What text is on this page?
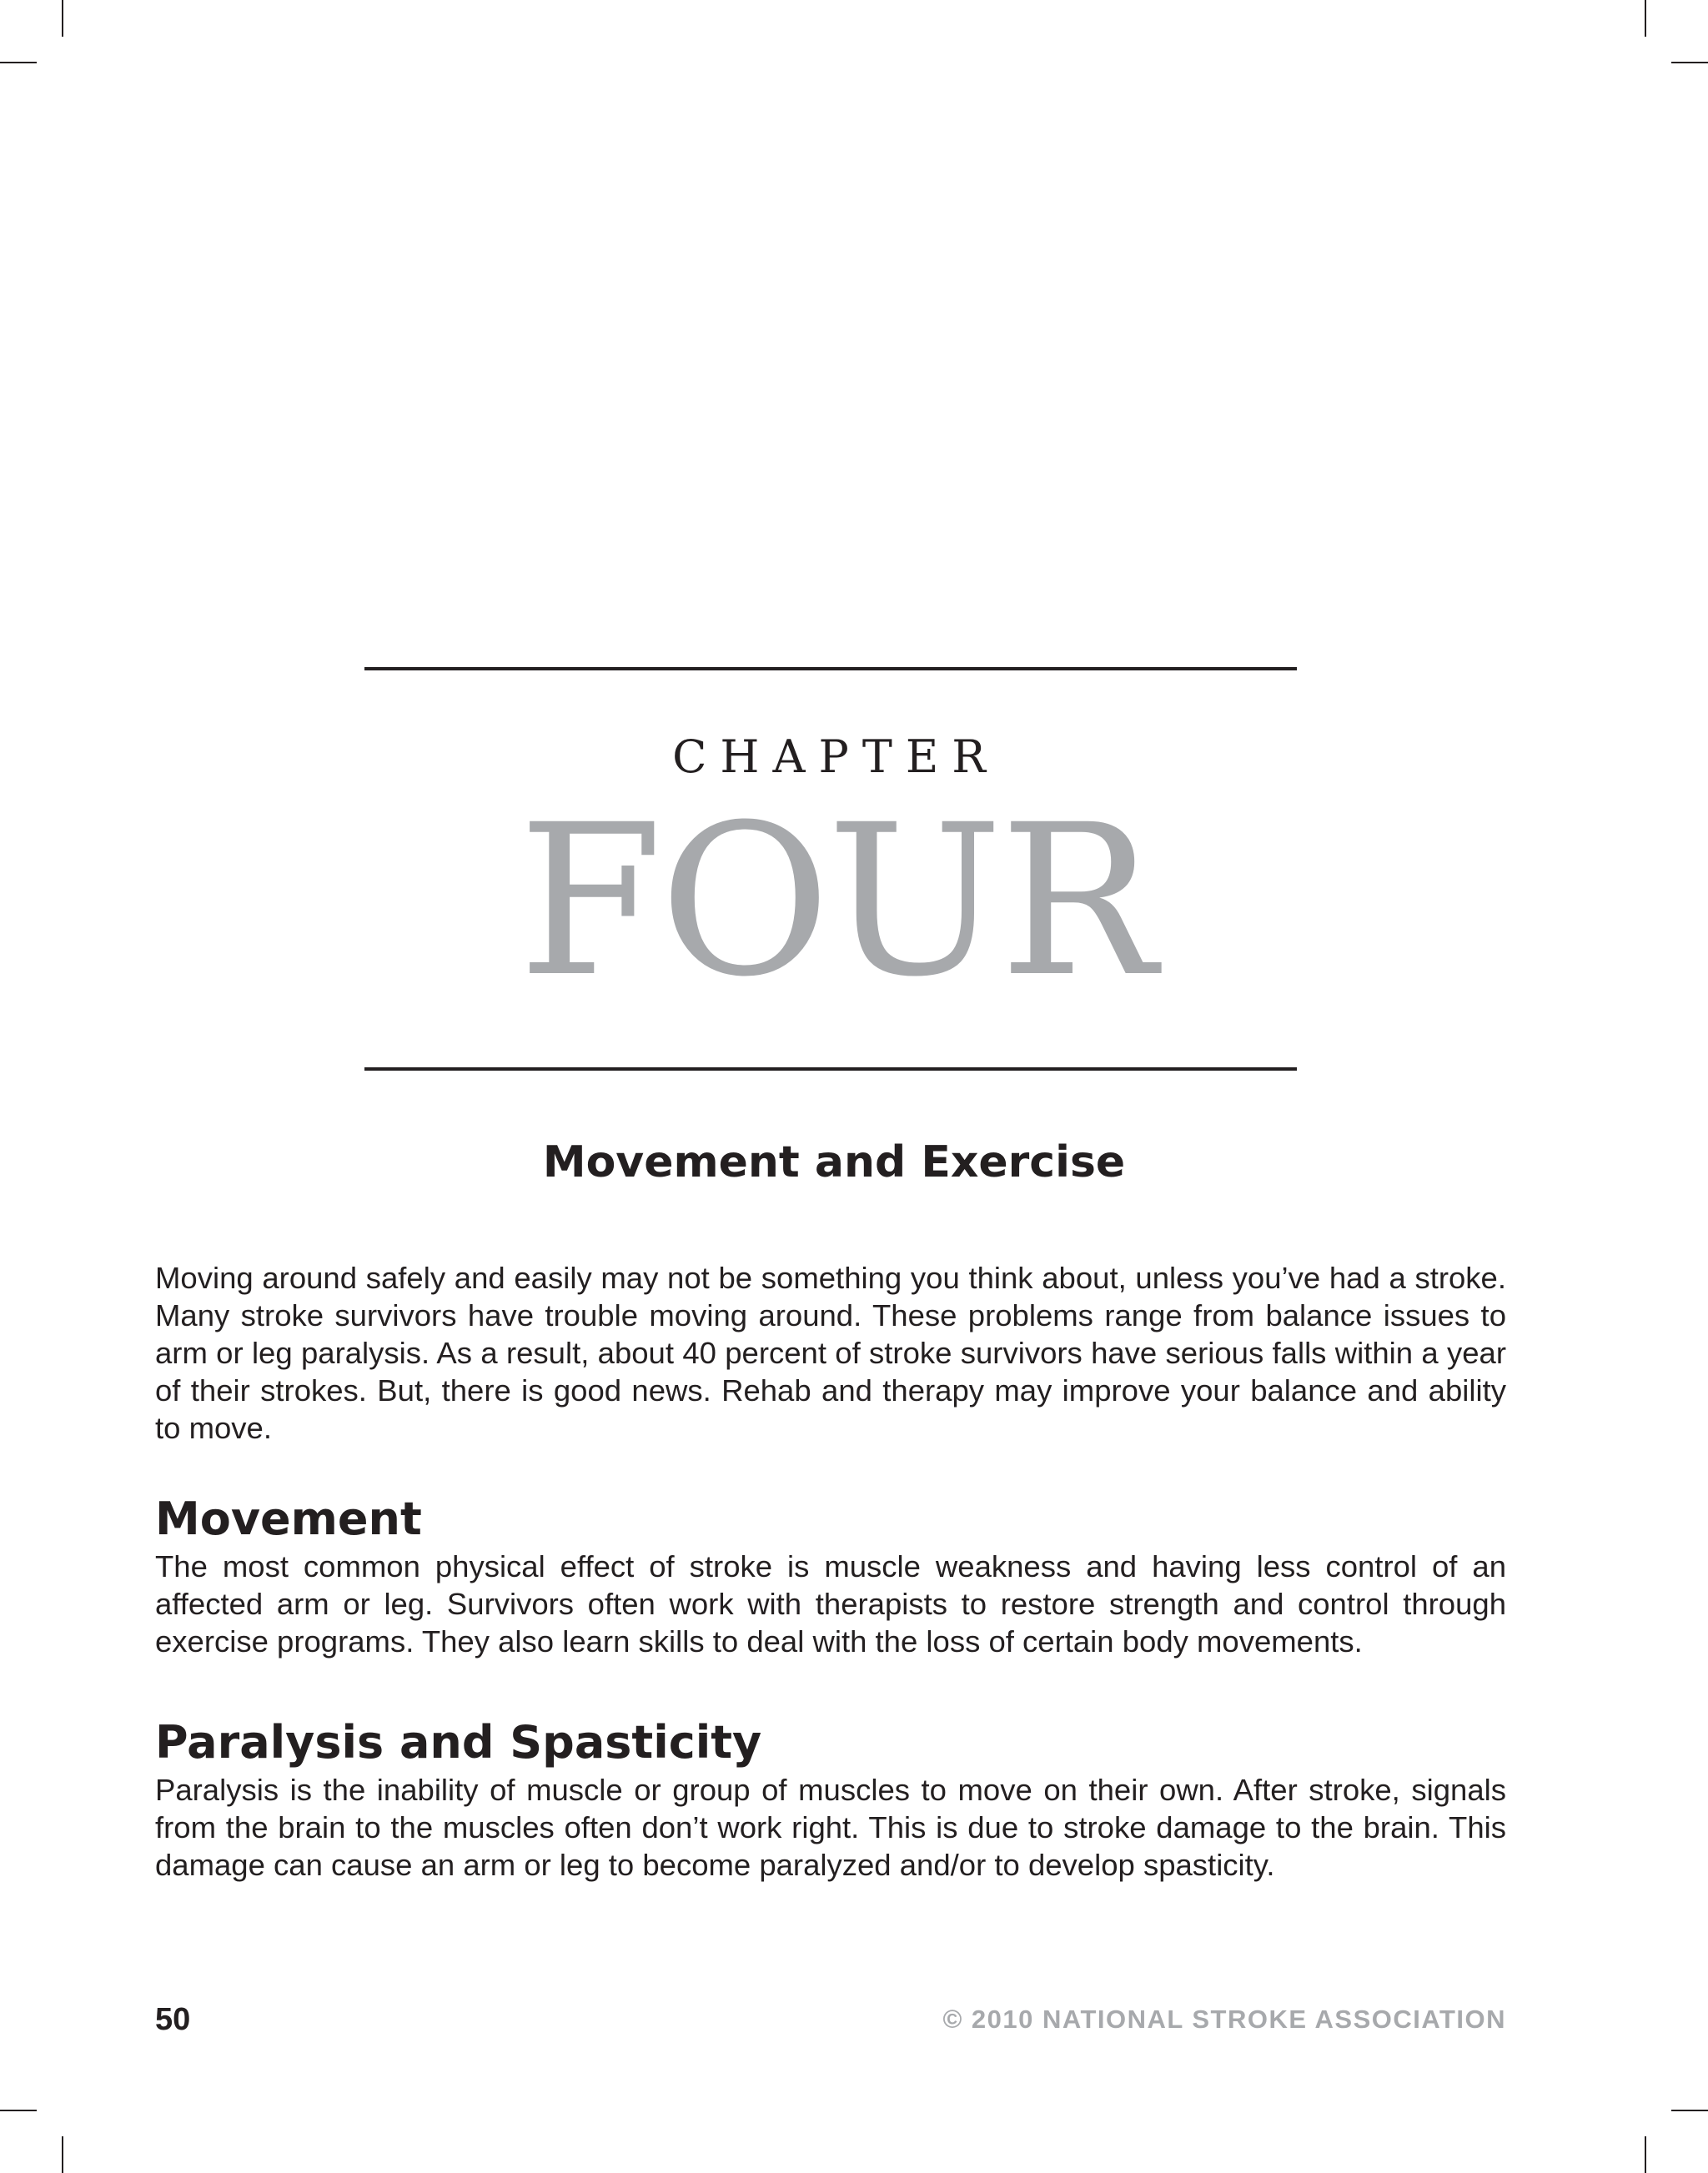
CHAPTER
FOUR
Movement and Exercise

Moving around safely and easily may not be something you think about, unless you’ve had a stroke. Many stroke survivors have trouble moving around. These problems range from balance issues to arm or leg paralysis. As a result, about 40 percent of stroke survivors have serious falls within a year of their strokes. But, there is good news. Rehab and therapy may improve your balance and ability to move.

Movement

The most common physical effect of stroke is muscle weakness and having less control of an affected arm or leg. Survivors often work with therapists to restore strength and control through exercise programs. They also learn skills to deal with the loss of certain body movements.

Paralysis and Spasticity

Paralysis is the inability of muscle or group of muscles to move on their own. After stroke, signals from the brain to the muscles often don’t work right. This is due to stroke damage to the brain. This damage can cause an arm or leg to become paralyzed and/or to develop spasticity.

50	© 2010 NATIONAL STROKE ASSOCIATION
